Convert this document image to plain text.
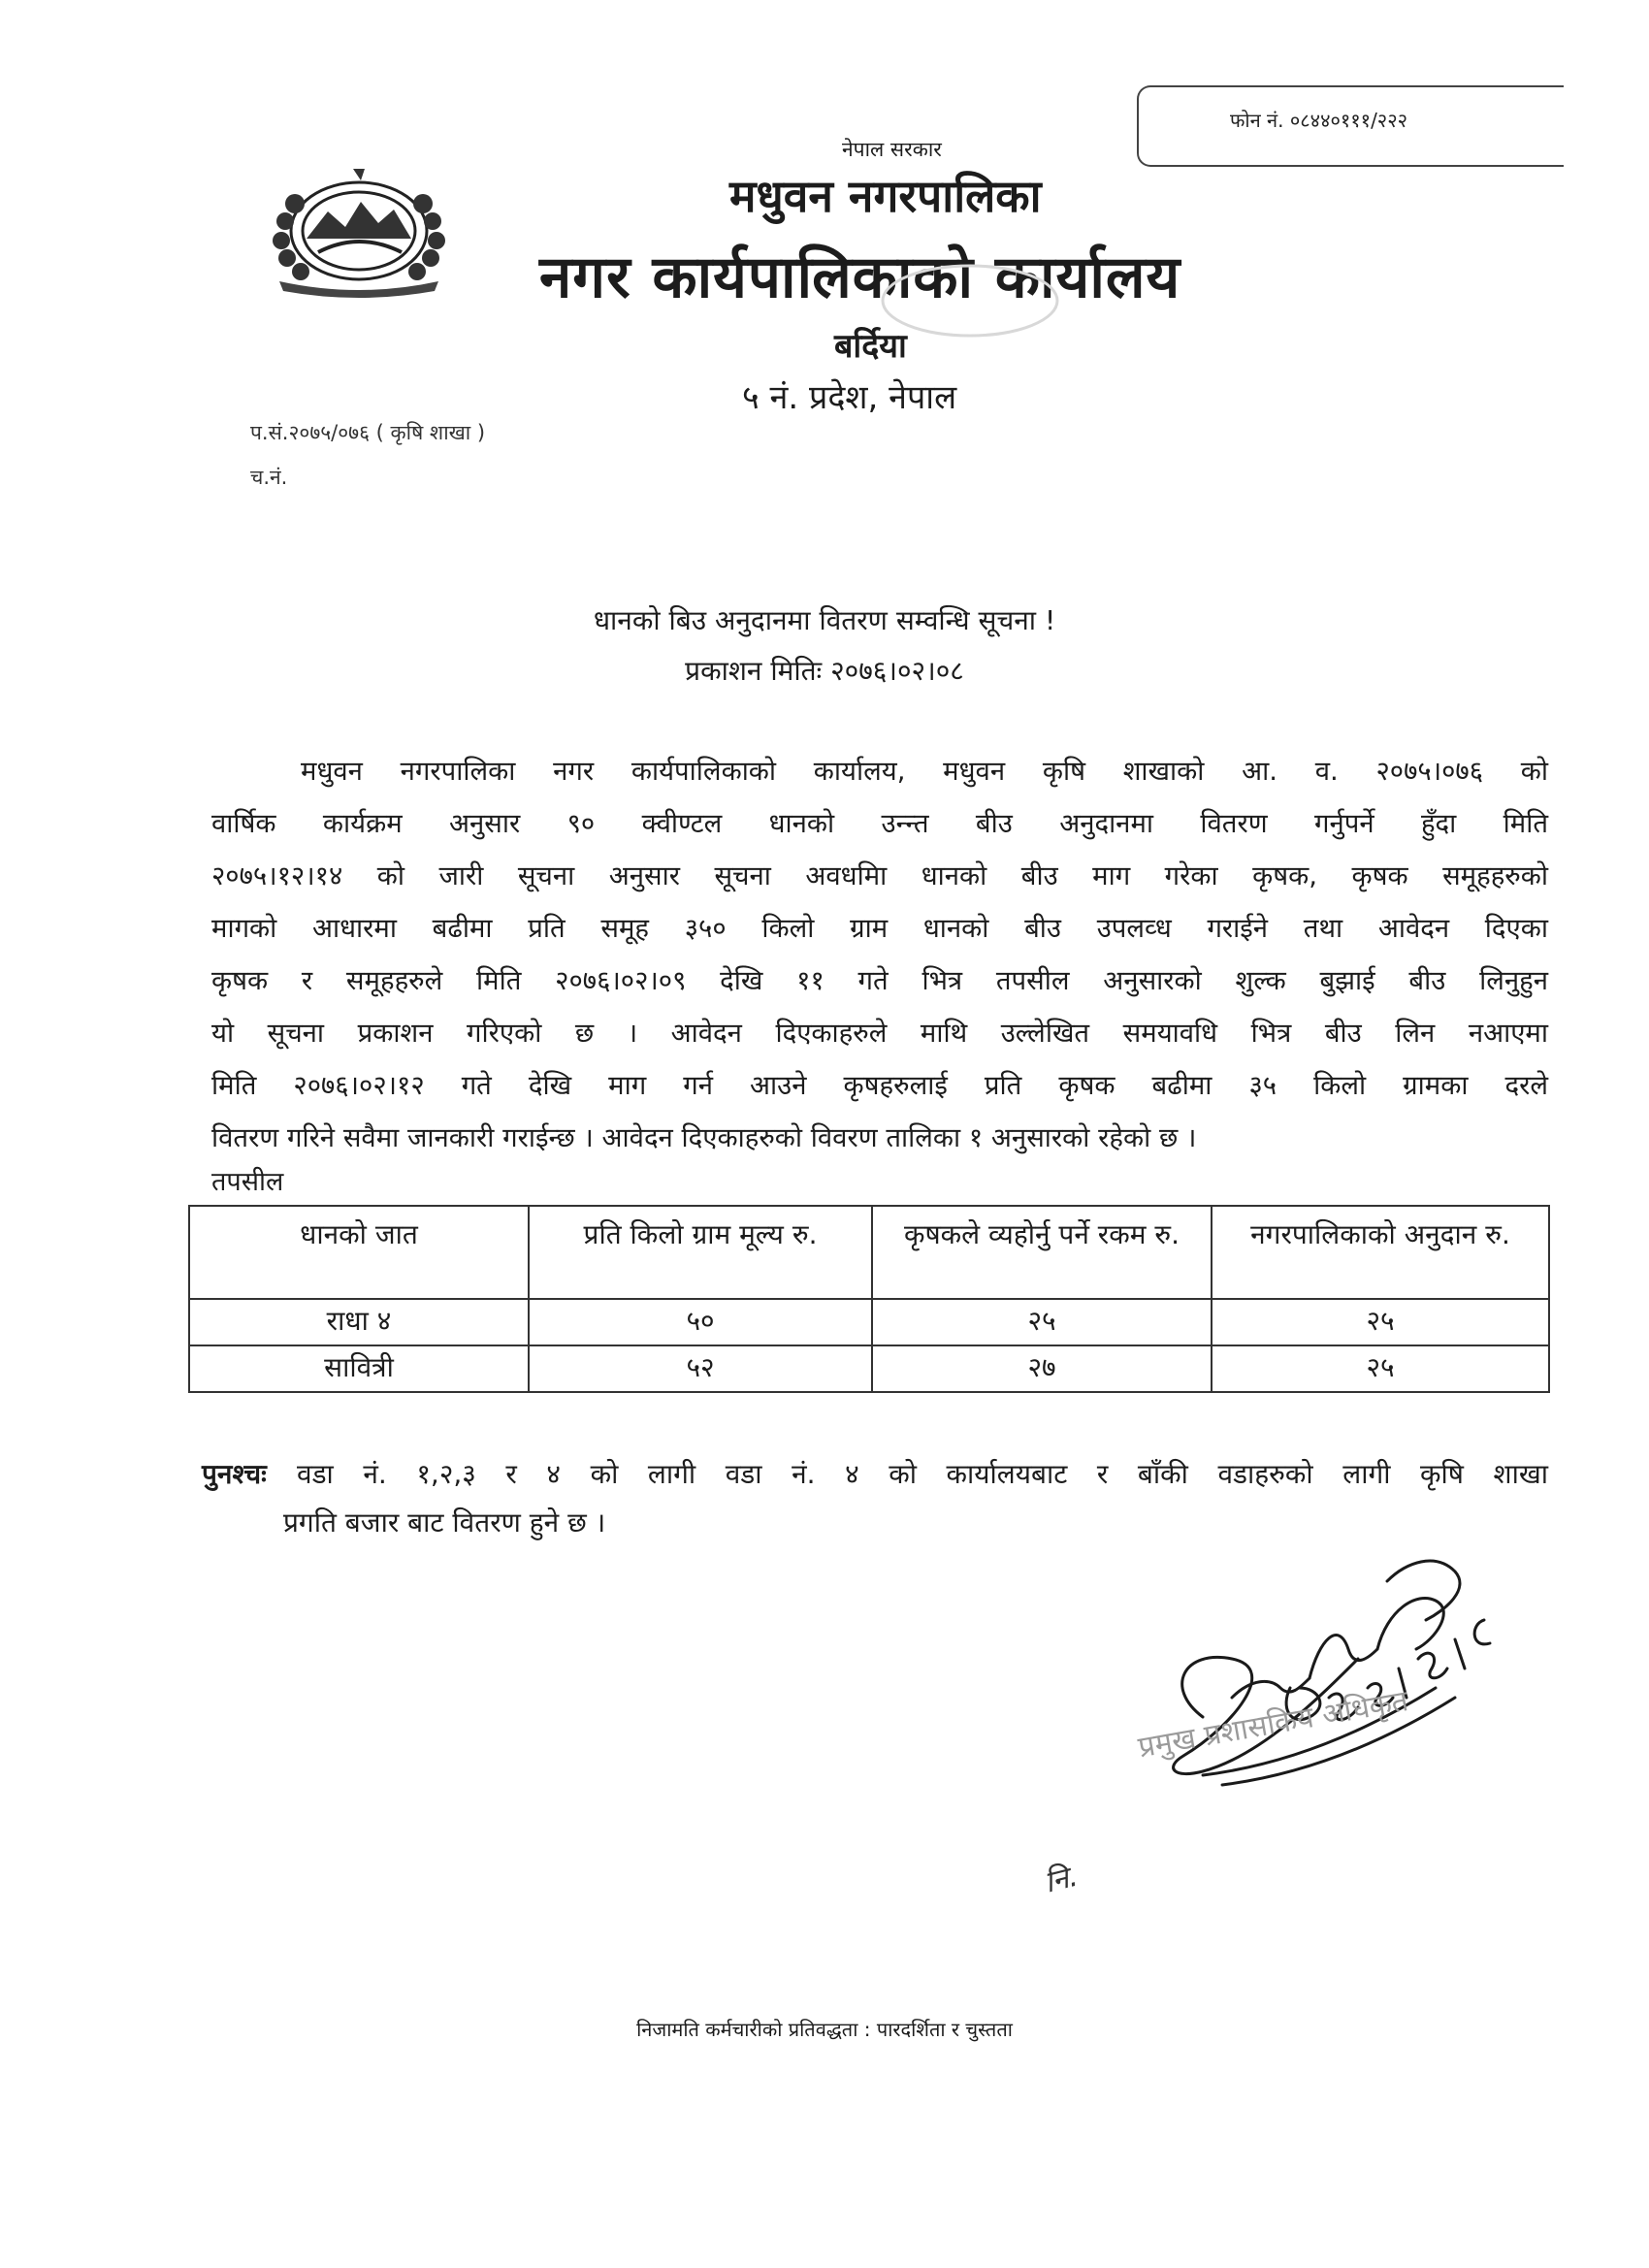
फोन नं. ०८४४०१११/२२२
नेपाल सरकार
मधुवन नगरपालिका
नगर कार्यपालिकाको कार्यालय
बर्दिया
५ नं. प्रदेश, नेपाल
प.सं.२०७५/०७६ ( कृषि शाखा )
च.नं.
धानको बिउ अनुदानमा वितरण सम्वन्धि सूचना !
प्रकाशन मितिः २०७६।०२।०८
मधुवन नगरपालिका नगर कार्यपालिकाको कार्यालय, मधुवन कृषि शाखाको आ. व. २०७५।०७६ को
वार्षिक कार्यक्रम अनुसार ९० क्वीण्टल धानको उन्न्त बीउ अनुदानमा वितरण गर्नुपर्ने हुँदा मिति
२०७५।१२।१४ को जारी सूचना अनुसार सूचना अवधमिा धानको बीउ माग गरेका कृषक, कृषक समूहहरुको
मागको आधारमा बढीमा प्रति समूह ३५० किलो ग्राम धानको बीउ उपलव्ध गराईने तथा आवेदन दिएका
कृषक र समूहहरुले मिति २०७६।०२।०९ देखि ११ गते भित्र तपसील अनुसारको शुल्क बुझाई बीउ लिनुहुन
यो सूचना प्रकाशन गरिएको छ । आवेदन दिएकाहरुले माथि उल्लेखित समयावधि भित्र बीउ लिन नआएमा
मिति २०७६।०२।१२ गते देखि माग गर्न आउने कृषहरुलाई प्रति कृषक बढीमा ३५ किलो ग्रामका दरले
वितरण गरिने सवैमा जानकारी गराईन्छ । आवेदन दिएकाहरुको विवरण तालिका १ अनुसारको रहेको छ ।
तपसील
धानको जात	प्रति किलो ग्राम मूल्य रु.	कृषकले व्यहोर्नु पर्ने रकम रु.	नगरपालिकाको अनुदान रु.
राधा ४	५०	२५	२५
सावित्री	५२	२७	२५
पुनश्चः वडा नं. १,२,३ र ४ को लागी वडा नं. ४ को कार्यालयबाट र बाँकी वडाहरुको लागी कृषि शाखा
प्रगति बजार बाट वितरण हुने छ ।
प्रमुख प्रशासकिय अधिकृत
नि.
निजामति कर्मचारीको प्रतिवद्धता : पारदर्शिता र चुस्तता
